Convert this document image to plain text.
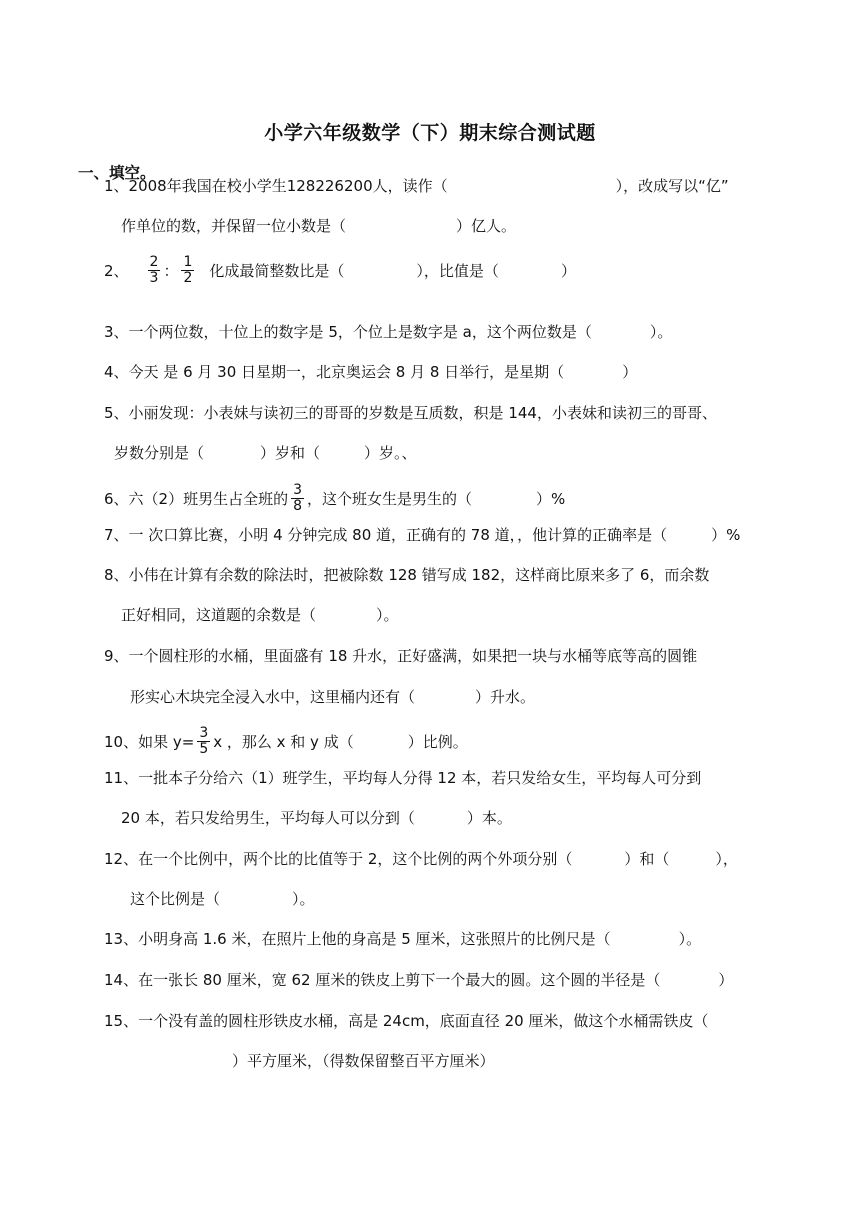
小学六年级数学（下）期末综合测试题
一、填空。
1、2008年我国在校小学生128226200人，读作（	），改成写以“亿”
作单位的数，并保留一位小数是（	）亿人。
2、 $\frac{2}{3}$ ： $\frac{1}{2}$ 化成最简整数比是（	），比值是（	）
3、一个两位数，十位上的数字是 5，个位上是数字是 a，这个两位数是（	）。
4、今天 是 6 月 30 日星期一，北京奥运会 8 月 8 日举行，是星期（	）
5、小丽发现：小表妹与读初三的哥哥的岁数是互质数，积是 144，小表妹和读初三的哥哥、
岁数分别是（	）岁和（	）岁。、
6、六（2）班男生占全班的 $\frac{3}{8}$ ，这个班女生是男生的（	）%
7、一 次口算比赛，小明 4 分钟完成 80 道，正确有的 78 道，，他计算的正确率是（	）%
8、小伟在计算有余数的除法时，把被除数 128 错写成 182，这样商比原来多了 6，而余数
正好相同，这道题的余数是（	）。
9、一个圆柱形的水桶，里面盛有 18 升水，正好盛满，如果把一块与水桶等底等高的圆锥
形实心木块完全浸入水中，这里桶内还有（	）升水。
10、如果 $y= \frac{3}{5}$ x ，那么 x 和 y 成（	）比例。
11、一批本子分给六（1）班学生，平均每人分得 12 本，若只发给女生，平均每人可分到
20 本，若只发给男生，平均每人可以分到（	）本。
12、在一个比例中，两个比的比值等于 2，这个比例的两个外项分别（	）和（	），
这个比例是（	）。
13、小明身高 1.6 米，在照片上他的身高是 5 厘米，这张照片的比例尺是（	）。
14、在一张长 80 厘米，宽 62 厘米的铁皮上剪下一个最大的圆。这个圆的半径是（	）
15、一个没有盖的圆柱形铁皮水桶，高是 24cm，底面直径 20 厘米，做这个水桶需铁皮（
）平方厘米，（得数保留整百平方厘米）
